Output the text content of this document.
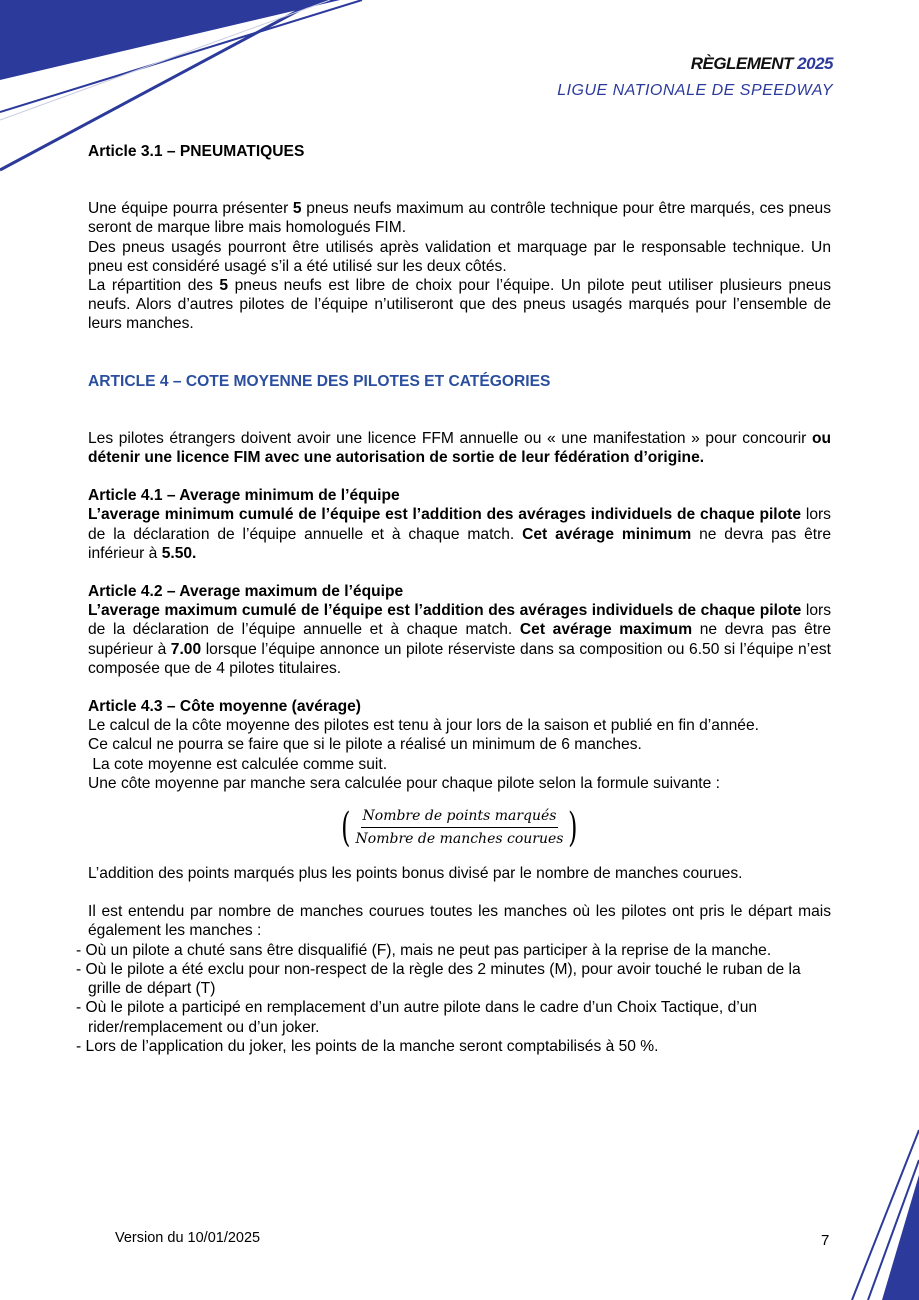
RÈGLEMENT 2025
LIGUE NATIONALE DE SPEEDWAY

Article 3.1 – PNEUMATIQUES

Une équipe pourra présenter 5 pneus neufs maximum au contrôle technique pour être marqués, ces pneus seront de marque libre mais homologués FIM.

Des pneus usagés pourront être utilisés après validation et marquage par le responsable technique. Un pneu est considéré usagé s’il a été utilisé sur les deux côtés.

La répartition des 5 pneus neufs est libre de choix pour l’équipe. Un pilote peut utiliser plusieurs pneus neufs. Alors d’autres pilotes de l’équipe n’utiliseront que des pneus usagés marqués pour l’ensemble de leurs manches.

ARTICLE 4 – COTE MOYENNE DES PILOTES ET CATÉGORIES

Les pilotes étrangers doivent avoir une licence FFM annuelle ou « une manifestation » pour concourir ou détenir une licence FIM avec une autorisation de sortie de leur fédération d’origine.

Article 4.1 – Average minimum de l’équipe

L’average minimum cumulé de l’équipe est l’addition des avérages individuels de chaque pilote lors de la déclaration de l’équipe annuelle et à chaque match. Cet avérage minimum ne devra pas être inférieur à 5.50.

Article 4.2 – Average maximum de l’équipe

L’average maximum cumulé de l’équipe est l’addition des avérages individuels de chaque pilote lors de la déclaration de l’équipe annuelle et à chaque match. Cet avérage maximum ne devra pas être supérieur à 7.00 lorsque l’équipe annonce un pilote réserviste dans sa composition ou 6.50 si l’équipe n’est composée que de 4 pilotes titulaires.

Article 4.3 – Côte moyenne (avérage)

Le calcul de la côte moyenne des pilotes est tenu à jour lors de la saison et publié en fin d’année.

Ce calcul ne pourra se faire que si le pilote a réalisé un minimum de 6 manches.

La cote moyenne est calculée comme suit.

Une côte moyenne par manche sera calculée pour chaque pilote selon la formule suivante :

( $\frac{\text{Nombre de points marqués}}{\text{Nombre de manches courues}}$ )

L’addition des points marqués plus les points bonus divisé par le nombre de manches courues.

Il est entendu par nombre de manches courues toutes les manches où les pilotes ont pris le départ mais également les manches :

- Où un pilote a chuté sans être disqualifié (F), mais ne peut pas participer à la reprise de la manche.
- Où le pilote a été exclu pour non-respect de la règle des 2 minutes (M), pour avoir touché le ruban de la grille de départ (T)
- Où le pilote a participé en remplacement d’un autre pilote dans le cadre d’un Choix Tactique, d’un rider/remplacement ou d’un joker.
- Lors de l’application du joker, les points de la manche seront comptabilisés à 50 %.
Version du 10/01/2025	7
